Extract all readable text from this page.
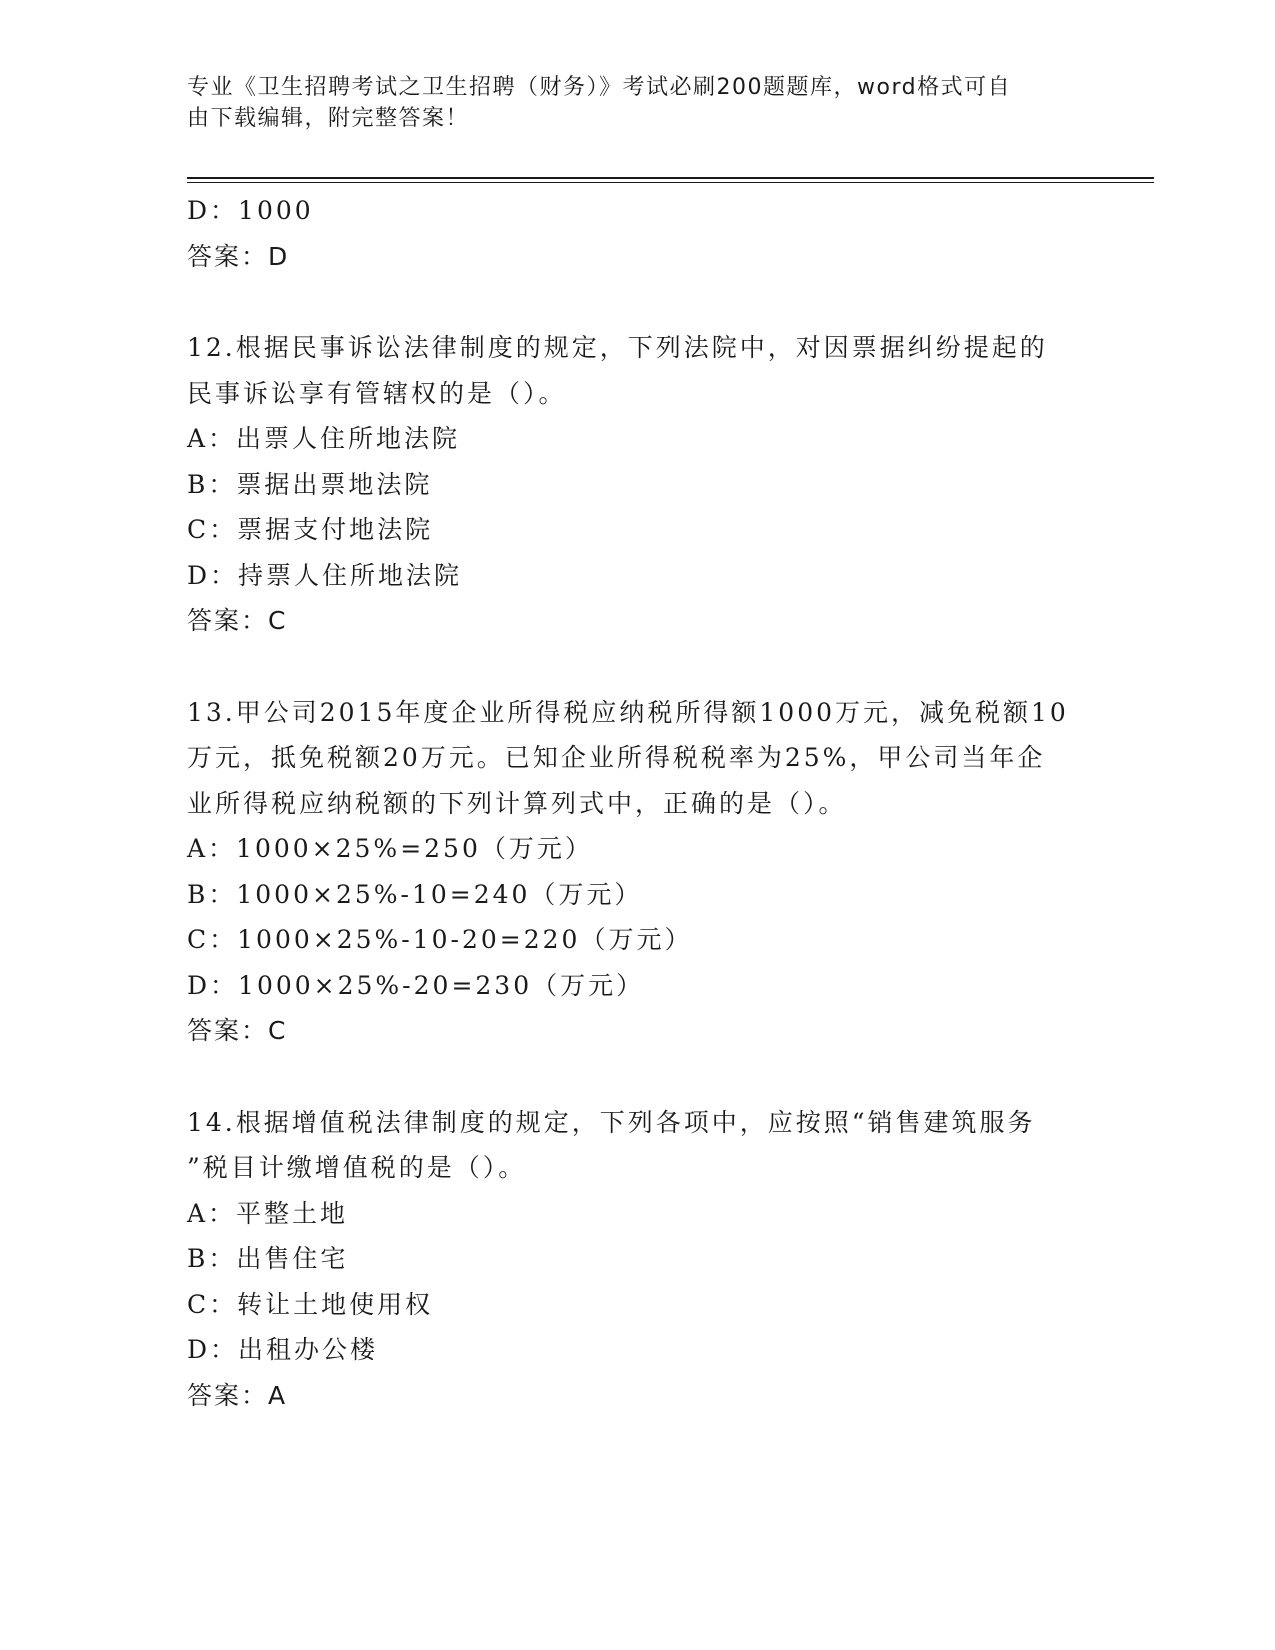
专业《卫生招聘考试之卫生招聘（财务）》考试必刷200题题库，word格式可自
由下载编辑，附完整答案！
D：1000
答案：D
12.根据民事诉讼法律制度的规定，下列法院中，对因票据纠纷提起的
民事诉讼享有管辖权的是（）。
A：出票人住所地法院
B：票据出票地法院
C：票据支付地法院
D：持票人住所地法院
答案：C
13.甲公司2015年度企业所得税应纳税所得额1000万元，减免税额10
万元，抵免税额20万元。已知企业所得税税率为25%，甲公司当年企
业所得税应纳税额的下列计算列式中，正确的是（）。
A：1000×25%=250（万元）
B：1000×25%-10=240（万元）
C：1000×25%-10-20=220（万元）
D：1000×25%-20=230（万元）
答案：C
14.根据增值税法律制度的规定，下列各项中，应按照“销售建筑服务
”税目计缴增值税的是（）。
A：平整土地
B：出售住宅
C：转让土地使用权
D：出租办公楼
答案：A
